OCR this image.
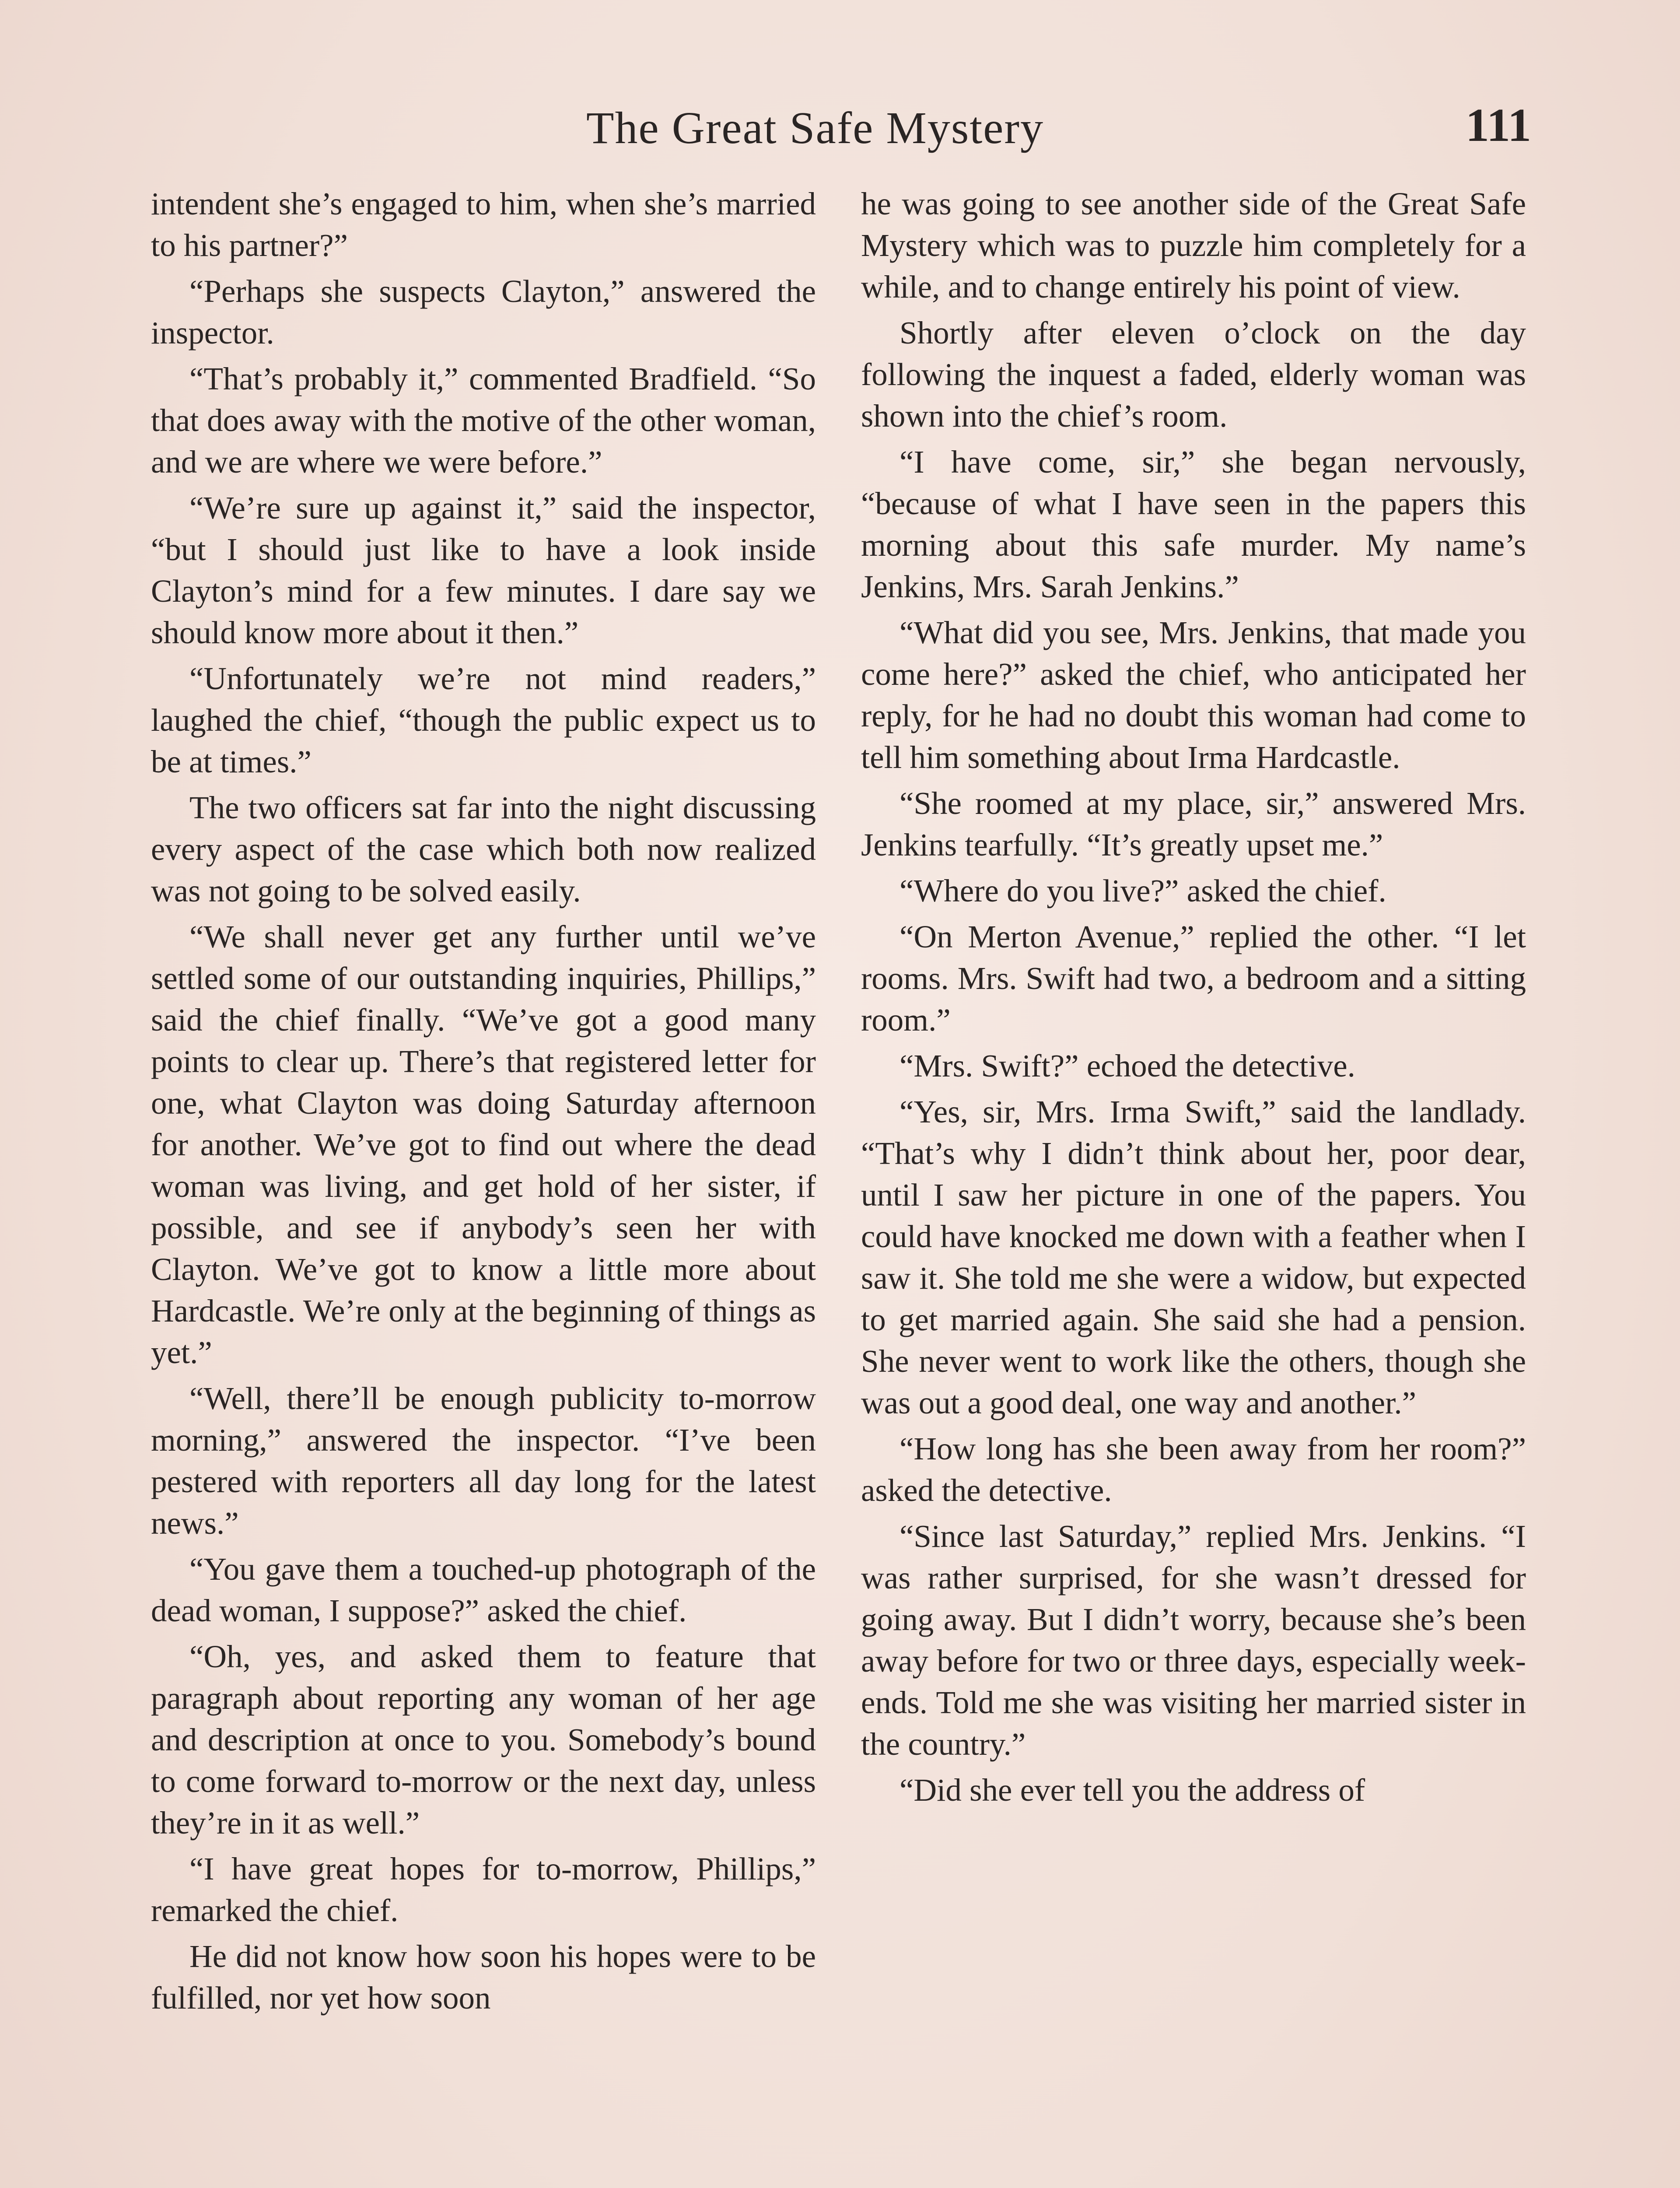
The Great Safe Mystery	111

intendent she’s engaged to him, when she’s married to his partner?”

“Perhaps she suspects Clayton,” answered the inspector.

“That’s probably it,” commented Bradfield. “So that does away with the motive of the other woman, and we are where we were before.”

“We’re sure up against it,” said the inspector, “but I should just like to have a look inside Clayton’s mind for a few minutes. I dare say we should know more about it then.”

“Unfortunately we’re not mind readers,” laughed the chief, “though the public expect us to be at times.”

The two officers sat far into the night discussing every aspect of the case which both now realized was not going to be solved easily.

“We shall never get any further until we’ve settled some of our outstanding inquiries, Phillips,” said the chief finally. “We’ve got a good many points to clear up. There’s that registered letter for one, what Clayton was doing Saturday afternoon for another. We’ve got to find out where the dead woman was living, and get hold of her sister, if possible, and see if anybody’s seen her with Clayton. We’ve got to know a little more about Hardcastle. We’re only at the beginning of things as yet.”

“Well, there’ll be enough publicity to-morrow morning,” answered the inspector. “I’ve been pestered with reporters all day long for the latest news.”

“You gave them a touched-up photograph of the dead woman, I suppose?” asked the chief.

“Oh, yes, and asked them to feature that paragraph about reporting any woman of her age and description at once to you. Somebody’s bound to come forward to-morrow or the next day, unless they’re in it as well.”

“I have great hopes for to-morrow, Phillips,” remarked the chief.

He did not know how soon his hopes were to be fulfilled, nor yet how soon

he was going to see another side of the Great Safe Mystery which was to puzzle him completely for a while, and to change entirely his point of view.

Shortly after eleven o’clock on the day following the inquest a faded, elderly woman was shown into the chief’s room.

“I have come, sir,” she began nervously, “because of what I have seen in the papers this morning about this safe murder. My name’s Jenkins, Mrs. Sarah Jenkins.”

“What did you see, Mrs. Jenkins, that made you come here?” asked the chief, who anticipated her reply, for he had no doubt this woman had come to tell him something about Irma Hardcastle.

“She roomed at my place, sir,” answered Mrs. Jenkins tearfully. “It’s greatly upset me.”

“Where do you live?” asked the chief.

“On Merton Avenue,” replied the other. “I let rooms. Mrs. Swift had two, a bedroom and a sitting room.”

“Mrs. Swift?” echoed the detective.

“Yes, sir, Mrs. Irma Swift,” said the landlady. “That’s why I didn’t think about her, poor dear, until I saw her picture in one of the papers. You could have knocked me down with a feather when I saw it. She told me she were a widow, but expected to get married again. She said she had a pension. She never went to work like the others, though she was out a good deal, one way and another.”

“How long has she been away from her room?” asked the detective.

“Since last Saturday,” replied Mrs. Jenkins. “I was rather surprised, for she wasn’t dressed for going away. But I didn’t worry, because she’s been away before for two or three days, especially week-ends. Told me she was visiting her married sister in the country.”

“Did she ever tell you the address of
